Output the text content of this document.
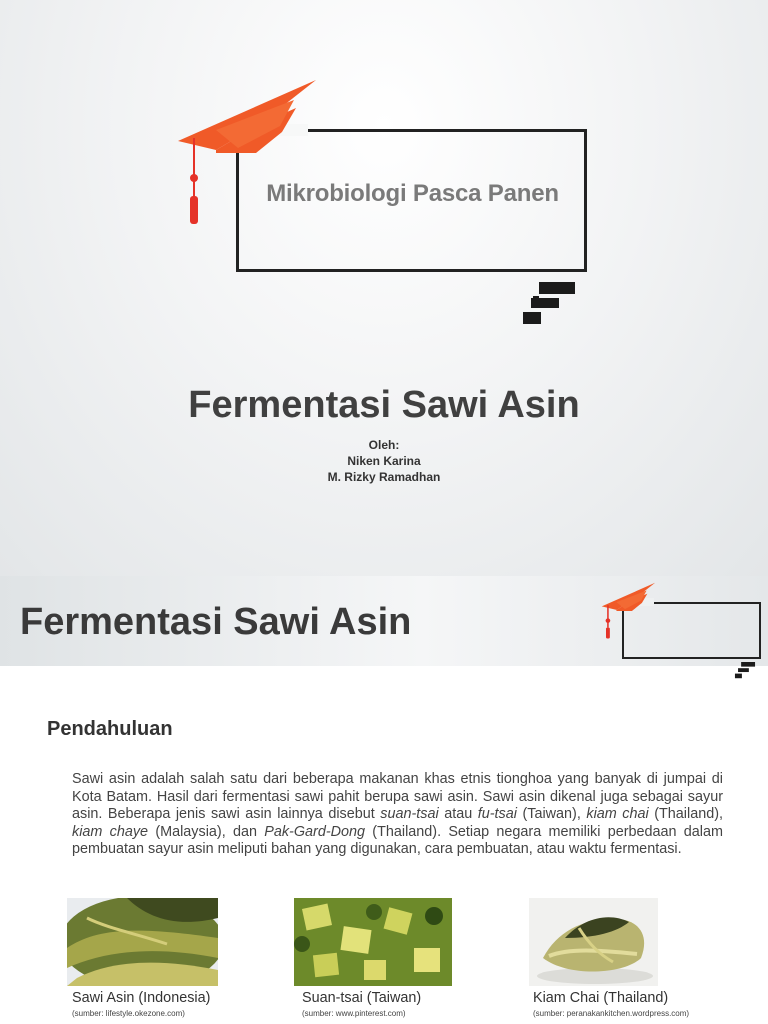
Mikrobiologi Pasca Panen
Fermentasi Sawi Asin
Oleh:
Niken Karina
M. Rizky Ramadhan
Fermentasi Sawi Asin
Pendahuluan
Sawi asin adalah salah satu dari beberapa makanan khas etnis tionghoa yang banyak di jumpai di Kota Batam. Hasil dari fermentasi sawi pahit berupa sawi asin. Sawi asin dikenal juga sebagai sayur asin. Beberapa jenis sawi asin lainnya disebut suan-tsai atau fu-tsai (Taiwan), kiam chai (Thailand), kiam chaye (Malaysia), dan Pak-Gard-Dong (Thailand). Setiap negara memiliki perbedaan dalam pembuatan sayur asin meliputi bahan yang digunakan, cara pembuatan, atau waktu fermentasi.
Sawi Asin (Indonesia)
(sumber: lifestyle.okezone.com)
Suan-tsai (Taiwan)
(sumber: www.pinterest.com)
Kiam Chai (Thailand)
(sumber: peranakankitchen.wordpress.com)
